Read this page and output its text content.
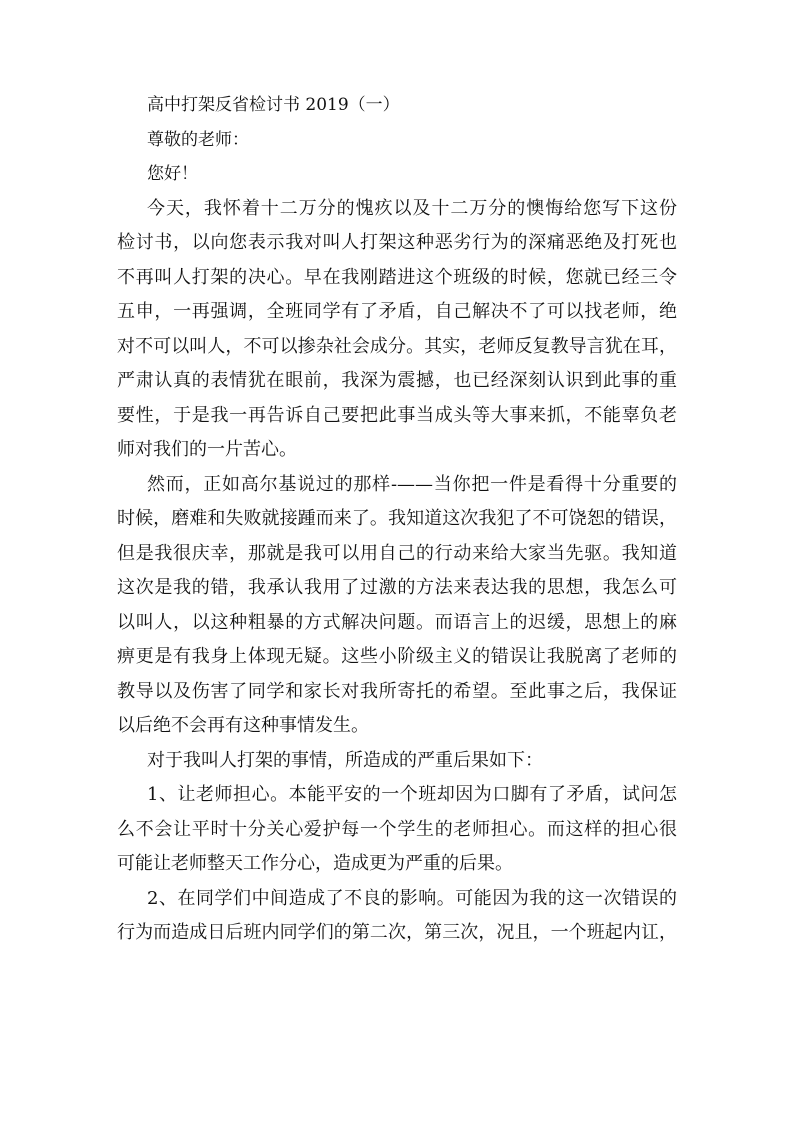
高中打架反省检讨书 2019（一）
尊敬的老师：
您好！
今天，我怀着十二万分的愧疚以及十二万分的懊悔给您写下这份
检讨书，以向您表示我对叫人打架这种恶劣行为的深痛恶绝及打死也
不再叫人打架的决心。早在我刚踏进这个班级的时候，您就已经三令
五申，一再强调，全班同学有了矛盾，自己解决不了可以找老师，绝
对不可以叫人，不可以掺杂社会成分。其实，老师反复教导言犹在耳，
严肃认真的表情犹在眼前，我深为震撼，也已经深刻认识到此事的重
要性，于是我一再告诉自己要把此事当成头等大事来抓，不能辜负老
师对我们的一片苦心。
然而，正如高尔基说过的那样-——当你把一件是看得十分重要的
时候，磨难和失败就接踵而来了。我知道这次我犯了不可饶恕的错误，
但是我很庆幸，那就是我可以用自己的行动来给大家当先驱。我知道
这次是我的错，我承认我用了过激的方法来表达我的思想，我怎么可
以叫人，以这种粗暴的方式解决问题。而语言上的迟缓，思想上的麻
痹更是有我身上体现无疑。这些小阶级主义的错误让我脱离了老师的
教导以及伤害了同学和家长对我所寄托的希望。至此事之后，我保证
以后绝不会再有这种事情发生。
对于我叫人打架的事情，所造成的严重后果如下：
1、让老师担心。本能平安的一个班却因为口脚有了矛盾，试问怎
么不会让平时十分关心爱护每一个学生的老师担心。而这样的担心很
可能让老师整天工作分心，造成更为严重的后果。
2、在同学们中间造成了不良的影响。可能因为我的这一次错误的
行为而造成日后班内同学们的第二次，第三次，况且，一个班起内讧，
